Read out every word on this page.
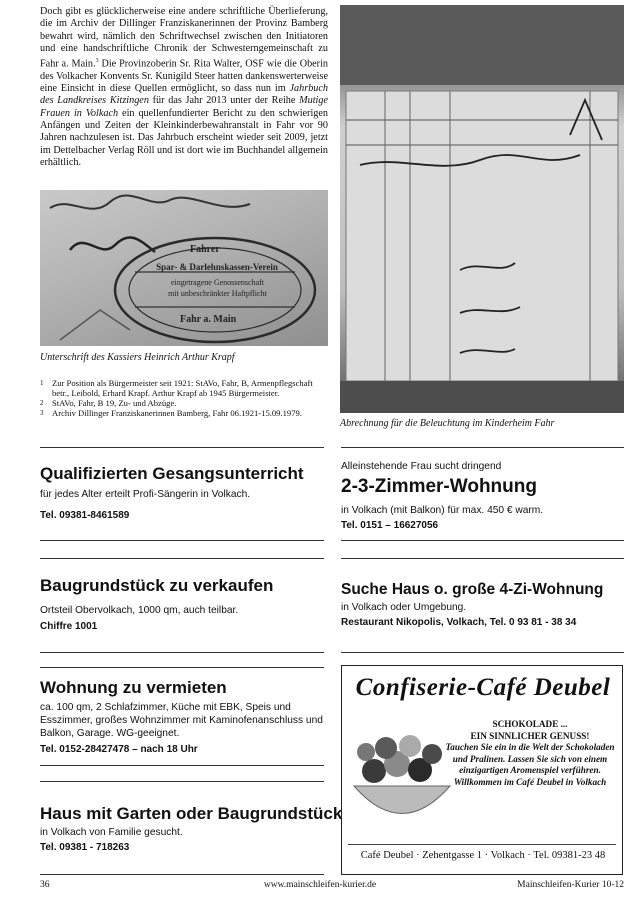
Doch gibt es glücklicherweise eine andere schriftliche Überlieferung, die im Archiv der Dillinger Franziskanerinnen der Provinz Bamberg bewahrt wird, nämlich den Schriftwechsel zwischen den Initiatoren und eine handschriftliche Chronik der Schwesterngemeinschaft zu Fahr a. Main.$^3$ Die Provinzoberin Sr. Rita Walter, OSF wie die Oberin des Volkacher Konvents Sr. Kunigild Steer hatten dankenswerterweise eine Einsicht in diese Quellen ermöglicht, so dass nun im Jahrbuch des Landkreises Kitzingen für das Jahr 2013 unter der Reihe Mutige Frauen in Volkach ein quellenfundierter Bericht zu den schwierigen Anfängen und Zeiten der Kleinkinderbewahranstalt in Fahr vor 90 Jahren nachzulesen ist. Das Jahrbuch erscheint wieder seit 2009, jetzt im Dettelbacher Verlag Röll und ist dort wie im Buchhandel allgemein erhältlich.

Fahrer
Spar- & Darlehnskassen-Verein
eingetragene Genossenschaft
mit unbeschränkter Haftpflicht
Fahr a. Main
Unterschrift des Kassiers Heinrich Arthur Krapf
1 Zur Position als Bürgermeister seit 1921: StAVo, Fahr, B, Armenpflegschaft betr., Leibold, Erhard Krapf. Arthur Krapf ab 1945 Bürgermeister.
2 StAVo, Fahr, B 19, Zu- und Abzüge.
3 Archiv Dillinger Franziskanerinnen Bamberg, Fahr 06.1921-15.09.1979.
Abrechnung für die Beleuchtung im Kinderheim Fahr
Qualifizierten Gesangsunterricht
für jedes Alter erteilt Profi-Sängerin in Volkach.
Tel. 09381-8461589
Alleinstehende Frau sucht dringend
2-3-Zimmer-Wohnung
in Volkach (mit Balkon) für max. 450 € warm.
Tel. 0151 – 16627056
Baugrundstück zu verkaufen
Ortsteil Obervolkach, 1000 qm, auch teilbar.
Chiffre 1001
Suche Haus o. große 4-Zi-Wohnung
in Volkach oder Umgebung.
Restaurant Nikopolis, Volkach, Tel. 0 93 81 - 38 34
Wohnung zu vermieten
ca. 100 qm, 2 Schlafzimmer, Küche mit EBK, Speis und Esszimmer, großes Wohnzimmer mit Kaminofenanschluss und Balkon, Garage. WG-geeignet.
Tel. 0152-28427478 – nach 18 Uhr
Haus mit Garten oder Baugrundstück
in Volkach von Familie gesucht.
Tel. 09381 - 718263
Confiserie-Café Deubel
SCHOKOLADE ...
EIN SINNLICHER GENUSS!
Tauchen Sie ein in die Welt der Schokoladen und Pralinen. Lassen Sie sich von einem einzigartigen Aromenspiel verführen. Willkommen im Café Deubel in Volkach
Café Deubel · Zehentgasse 1 · Volkach · Tel. 09381-23 48
36	www.mainschleifen-kurier.de	Mainschleifen-Kurier 10-12
